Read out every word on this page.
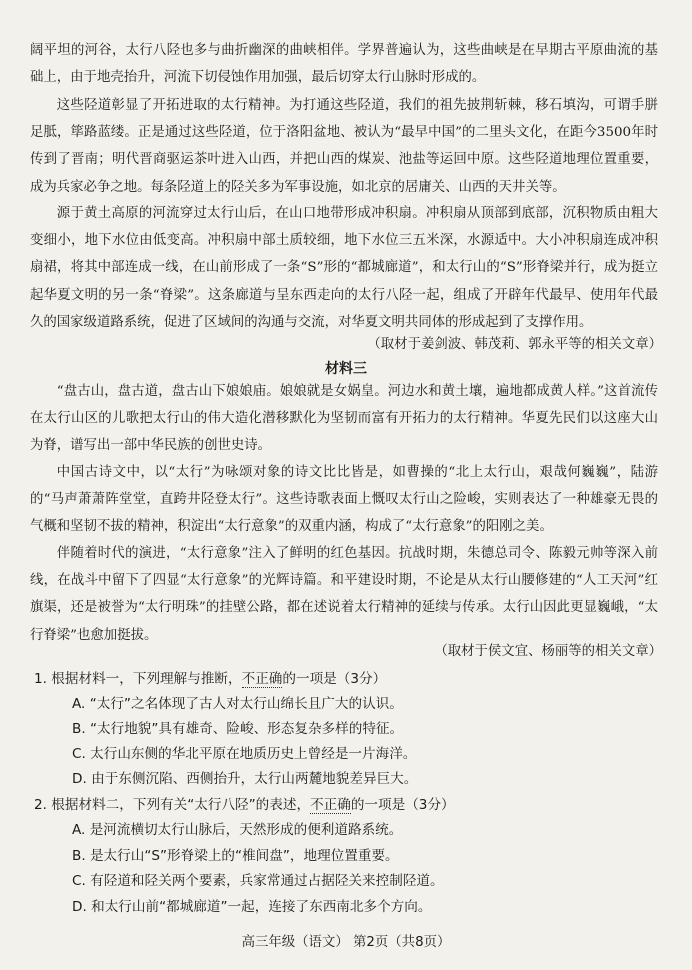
阔平坦的河谷，太行八陉也多与曲折幽深的曲峡相伴。学界普遍认为，这些曲峡是在早期古平原曲流的基础上，由于地壳抬升，河流下切侵蚀作用加强，最后切穿太行山脉时形成的。

这些陉道彰显了开拓进取的太行精神。为打通这些陉道，我们的祖先披荆斩棘，移石填沟，可谓手胼足胝，筚路蓝缕。正是通过这些陉道，位于洛阳盆地、被认为“最早中国”的二里头文化，在距今3500年时传到了晋南；明代晋商驱运茶叶进入山西，并把山西的煤炭、池盐等运回中原。这些陉道地理位置重要，成为兵家必争之地。每条陉道上的陉关多为军事设施，如北京的居庸关、山西的天井关等。

源于黄土高原的河流穿过太行山后，在山口地带形成冲积扇。冲积扇从顶部到底部，沉积物质由粗大变细小，地下水位由低变高。冲积扇中部土质较细，地下水位三五米深，水源适中。大小冲积扇连成冲积扇裙，将其中部连成一线，在山前形成了一条“S”形的“都城廊道”，和太行山的“S”形脊梁并行，成为挺立起华夏文明的另一条“脊梁”。这条廊道与呈东西走向的太行八陉一起，组成了开辟年代最早、使用年代最久的国家级道路系统，促进了区域间的沟通与交流，对华夏文明共同体的形成起到了支撑作用。

（取材于姜剑波、韩茂莉、郭永平等的相关文章）

材料三

“盘古山，盘古道，盘古山下娘娘庙。娘娘就是女娲皇。河边水和黄土壤，遍地都成黄人样。”这首流传在太行山区的儿歌把太行山的伟大造化潜移默化为坚韧而富有开拓力的太行精神。华夏先民们以这座大山为脊，谱写出一部中华民族的创世史诗。

中国古诗文中，以“太行”为咏颂对象的诗文比比皆是，如曹操的“北上太行山，艰哉何巍巍”，陆游的“马声萧萧阵堂堂，直跨井陉登太行”。这些诗歌表面上慨叹太行山之险峻，实则表达了一种雄豪无畏的气概和坚韧不拔的精神，积淀出“太行意象”的双重内涵，构成了“太行意象”的阳刚之美。

伴随着时代的演进，“太行意象”注入了鲜明的红色基因。抗战时期，朱德总司令、陈毅元帅等深入前线，在战斗中留下了四显“太行意象”的光辉诗篇。和平建设时期，不论是从太行山腰修建的“人工天河”红旗渠，还是被誉为“太行明珠”的挂壁公路，都在述说着太行精神的延续与传承。太行山因此更显巍峨，“太行脊梁”也愈加挺拔。

（取材于侯文宜、杨丽等的相关文章）

1. 根据材料一，下列理解与推断，不正确的一项是（3分）

A. “太行”之名体现了古人对太行山绵长且广大的认识。

B. “太行地貌”具有雄奇、险峻、形态复杂多样的特征。

C. 太行山东侧的华北平原在地质历史上曾经是一片海洋。

D. 由于东侧沉陷、西侧抬升，太行山两麓地貌差异巨大。

2. 根据材料二，下列有关“太行八陉”的表述，不正确的一项是（3分）

A. 是河流横切太行山脉后，天然形成的便利道路系统。

B. 是太行山“S”形脊梁上的“椎间盘”，地理位置重要。

C. 有陉道和陉关两个要素，兵家常通过占据陉关来控制陉道。

D. 和太行山前“都城廊道”一起，连接了东西南北多个方向。

高三年级（语文） 第2页（共8页）
